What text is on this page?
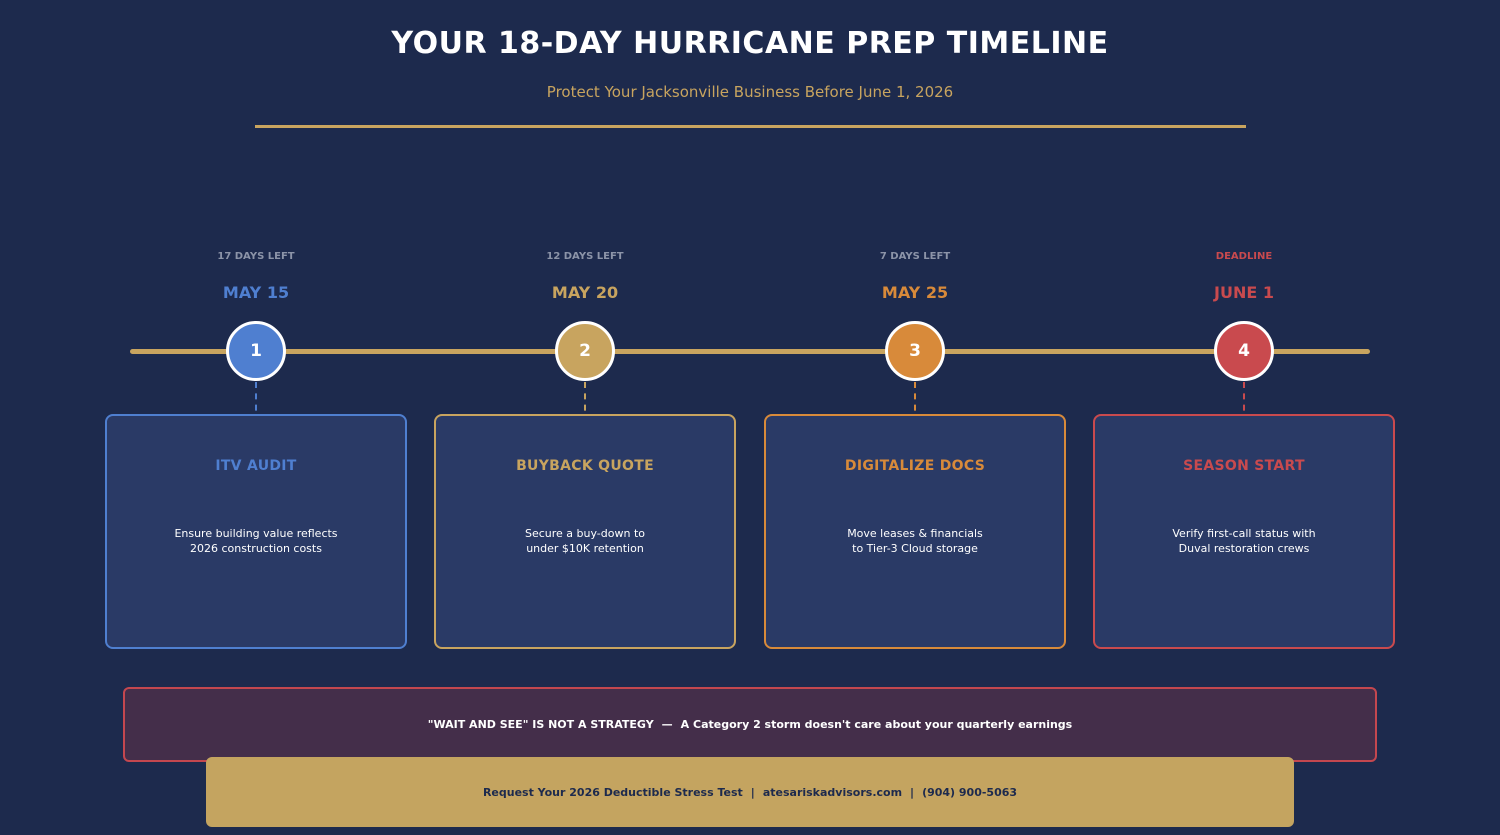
YOUR 18-DAY HURRICANE PREP TIMELINE
Protect Your Jacksonville Business Before June 1, 2026
17 DAYS LEFT
MAY 15
1
ITV AUDIT
Ensure building value reflects
2026 construction costs
12 DAYS LEFT
MAY 20
2
BUYBACK QUOTE
Secure a buy-down to
under $10K retention
7 DAYS LEFT
MAY 25
3
DIGITALIZE DOCS
Move leases & financials
to Tier-3 Cloud storage
DEADLINE
JUNE 1
4
SEASON START
Verify first-call status with
Duval restoration crews
"WAIT AND SEE" IS NOT A STRATEGY — A Category 2 storm doesn't care about your quarterly earnings
Request Your 2026 Deductible Stress Test | atesariskadvisors.com | (904) 900-5063
